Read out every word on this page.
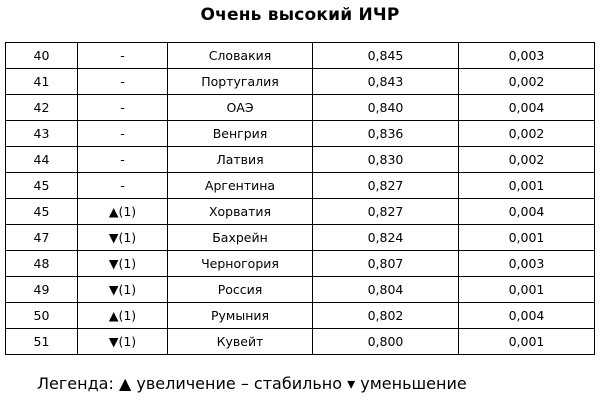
Очень высокий ИЧР
40	-	Словакия	0,845	0,003
41	-	Португалия	0,843	0,002
42	-	ОАЭ	0,840	0,004
43	-	Венгрия	0,836	0,002
44	-	Латвия	0,830	0,002
45	-	Аргентина	0,827	0,001
45	▲(1)	Хорватия	0,827	0,004
47	▼(1)	Бахрейн	0,824	0,001
48	▼(1)	Черногория	0,807	0,003
49	▼(1)	Россия	0,804	0,001
50	▲(1)	Румыния	0,802	0,004
51	▼(1)	Кувейт	0,800	0,001
Легенда: ▲ увеличение – стабильно ▾ уменьшение
